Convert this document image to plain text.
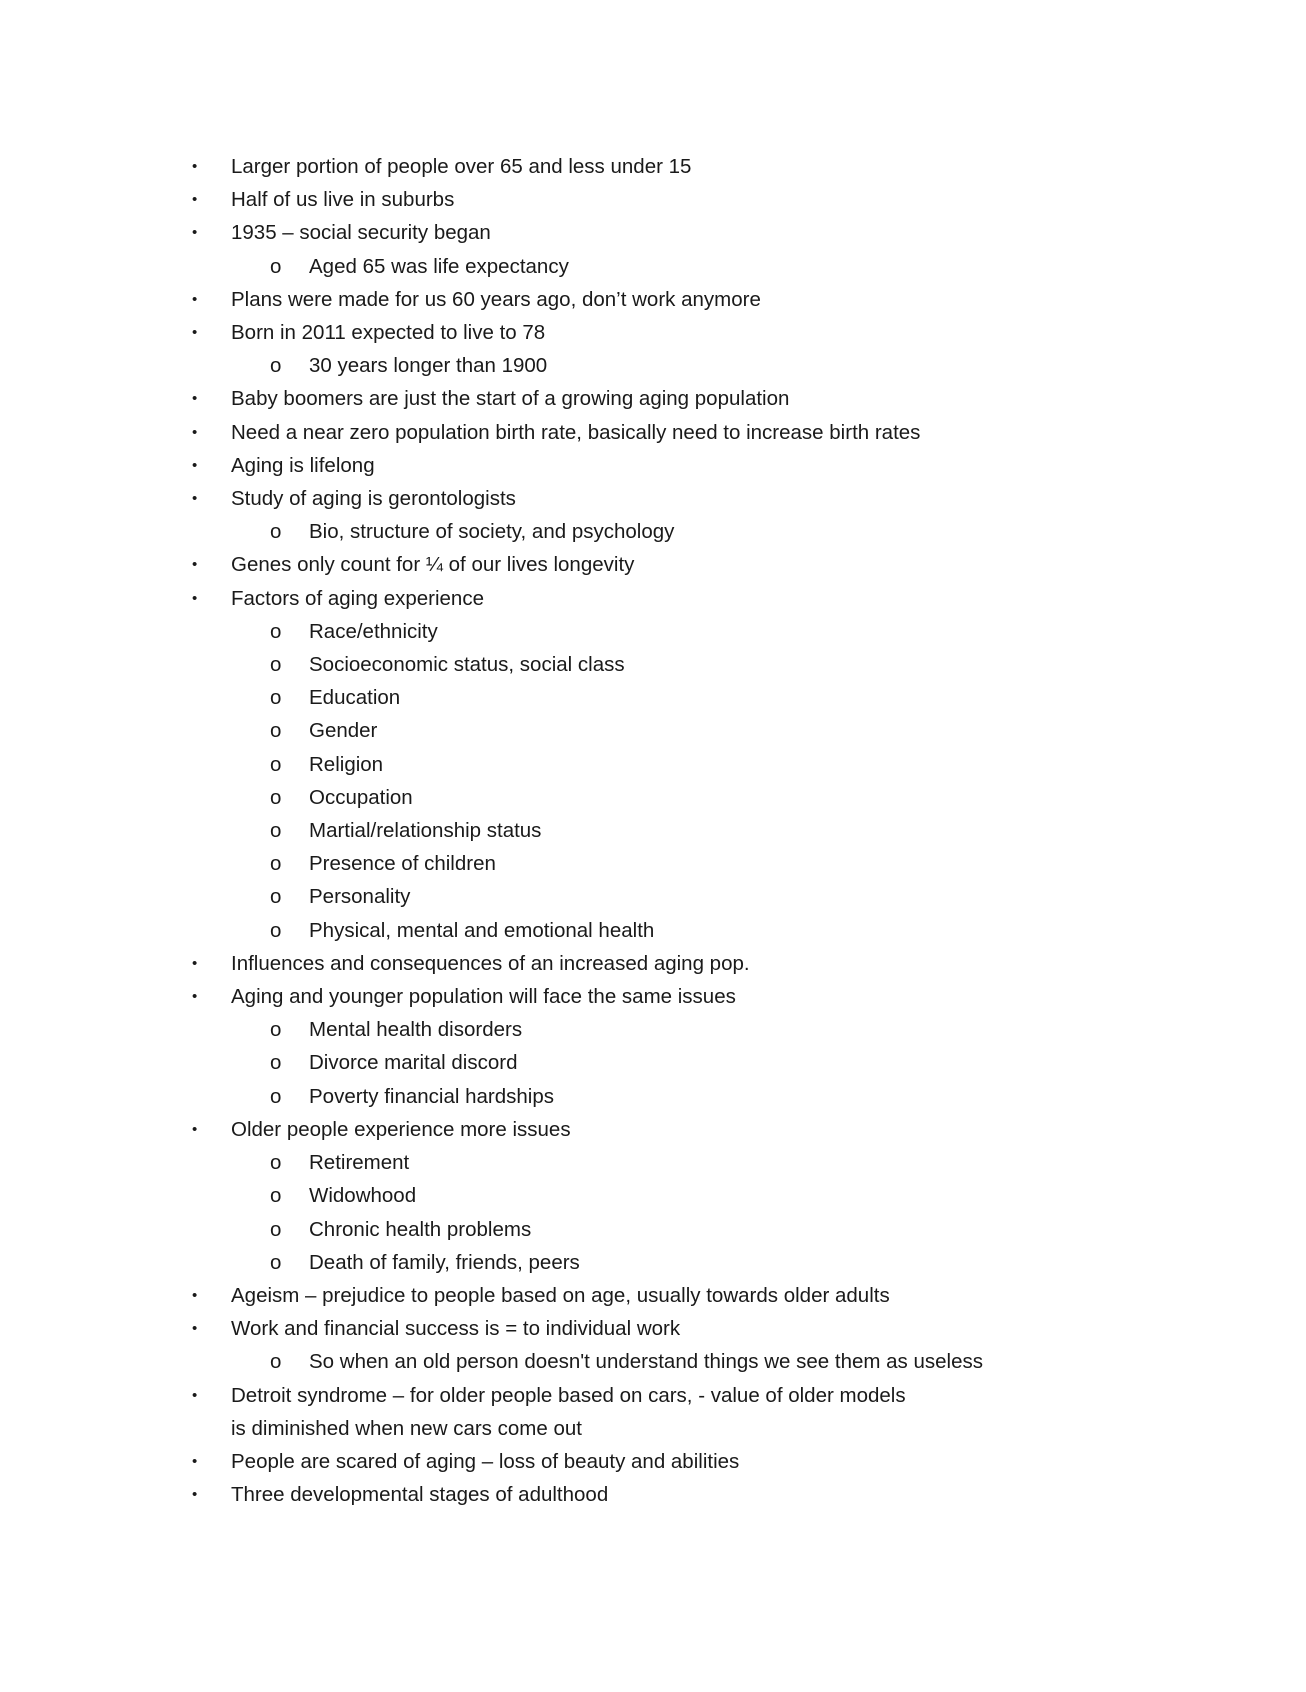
• Larger portion of people over 65 and less under 15
• Half of us live in suburbs
• 1935 – social security began
o Aged 65 was life expectancy
• Plans were made for us 60 years ago, don’t work anymore
• Born in 2011 expected to live to 78
o 30 years longer than 1900
• Baby boomers are just the start of a growing aging population
• Need a near zero population birth rate, basically need to increase birth rates
• Aging is lifelong
• Study of aging is gerontologists
o Bio, structure of society, and psychology
• Genes only count for ¼ of our lives longevity
• Factors of aging experience
o Race/ethnicity
o Socioeconomic status, social class
o Education
o Gender
o Religion
o Occupation
o Martial/relationship status
o Presence of children
o Personality
o Physical, mental and emotional health
• Influences and consequences of an increased aging pop.
• Aging and younger population will face the same issues
o Mental health disorders
o Divorce marital discord
o Poverty financial hardships
• Older people experience more issues
o Retirement
o Widowhood
o Chronic health problems
o Death of family, friends, peers
• Ageism – prejudice to people based on age, usually towards older adults
• Work and financial success is = to individual work
o So when an old person doesn't understand things we see them as useless
• Detroit syndrome – for older people based on cars, - value of older models is diminished when new cars come out
• People are scared of aging – loss of beauty and abilities
• Three developmental stages of adulthood
